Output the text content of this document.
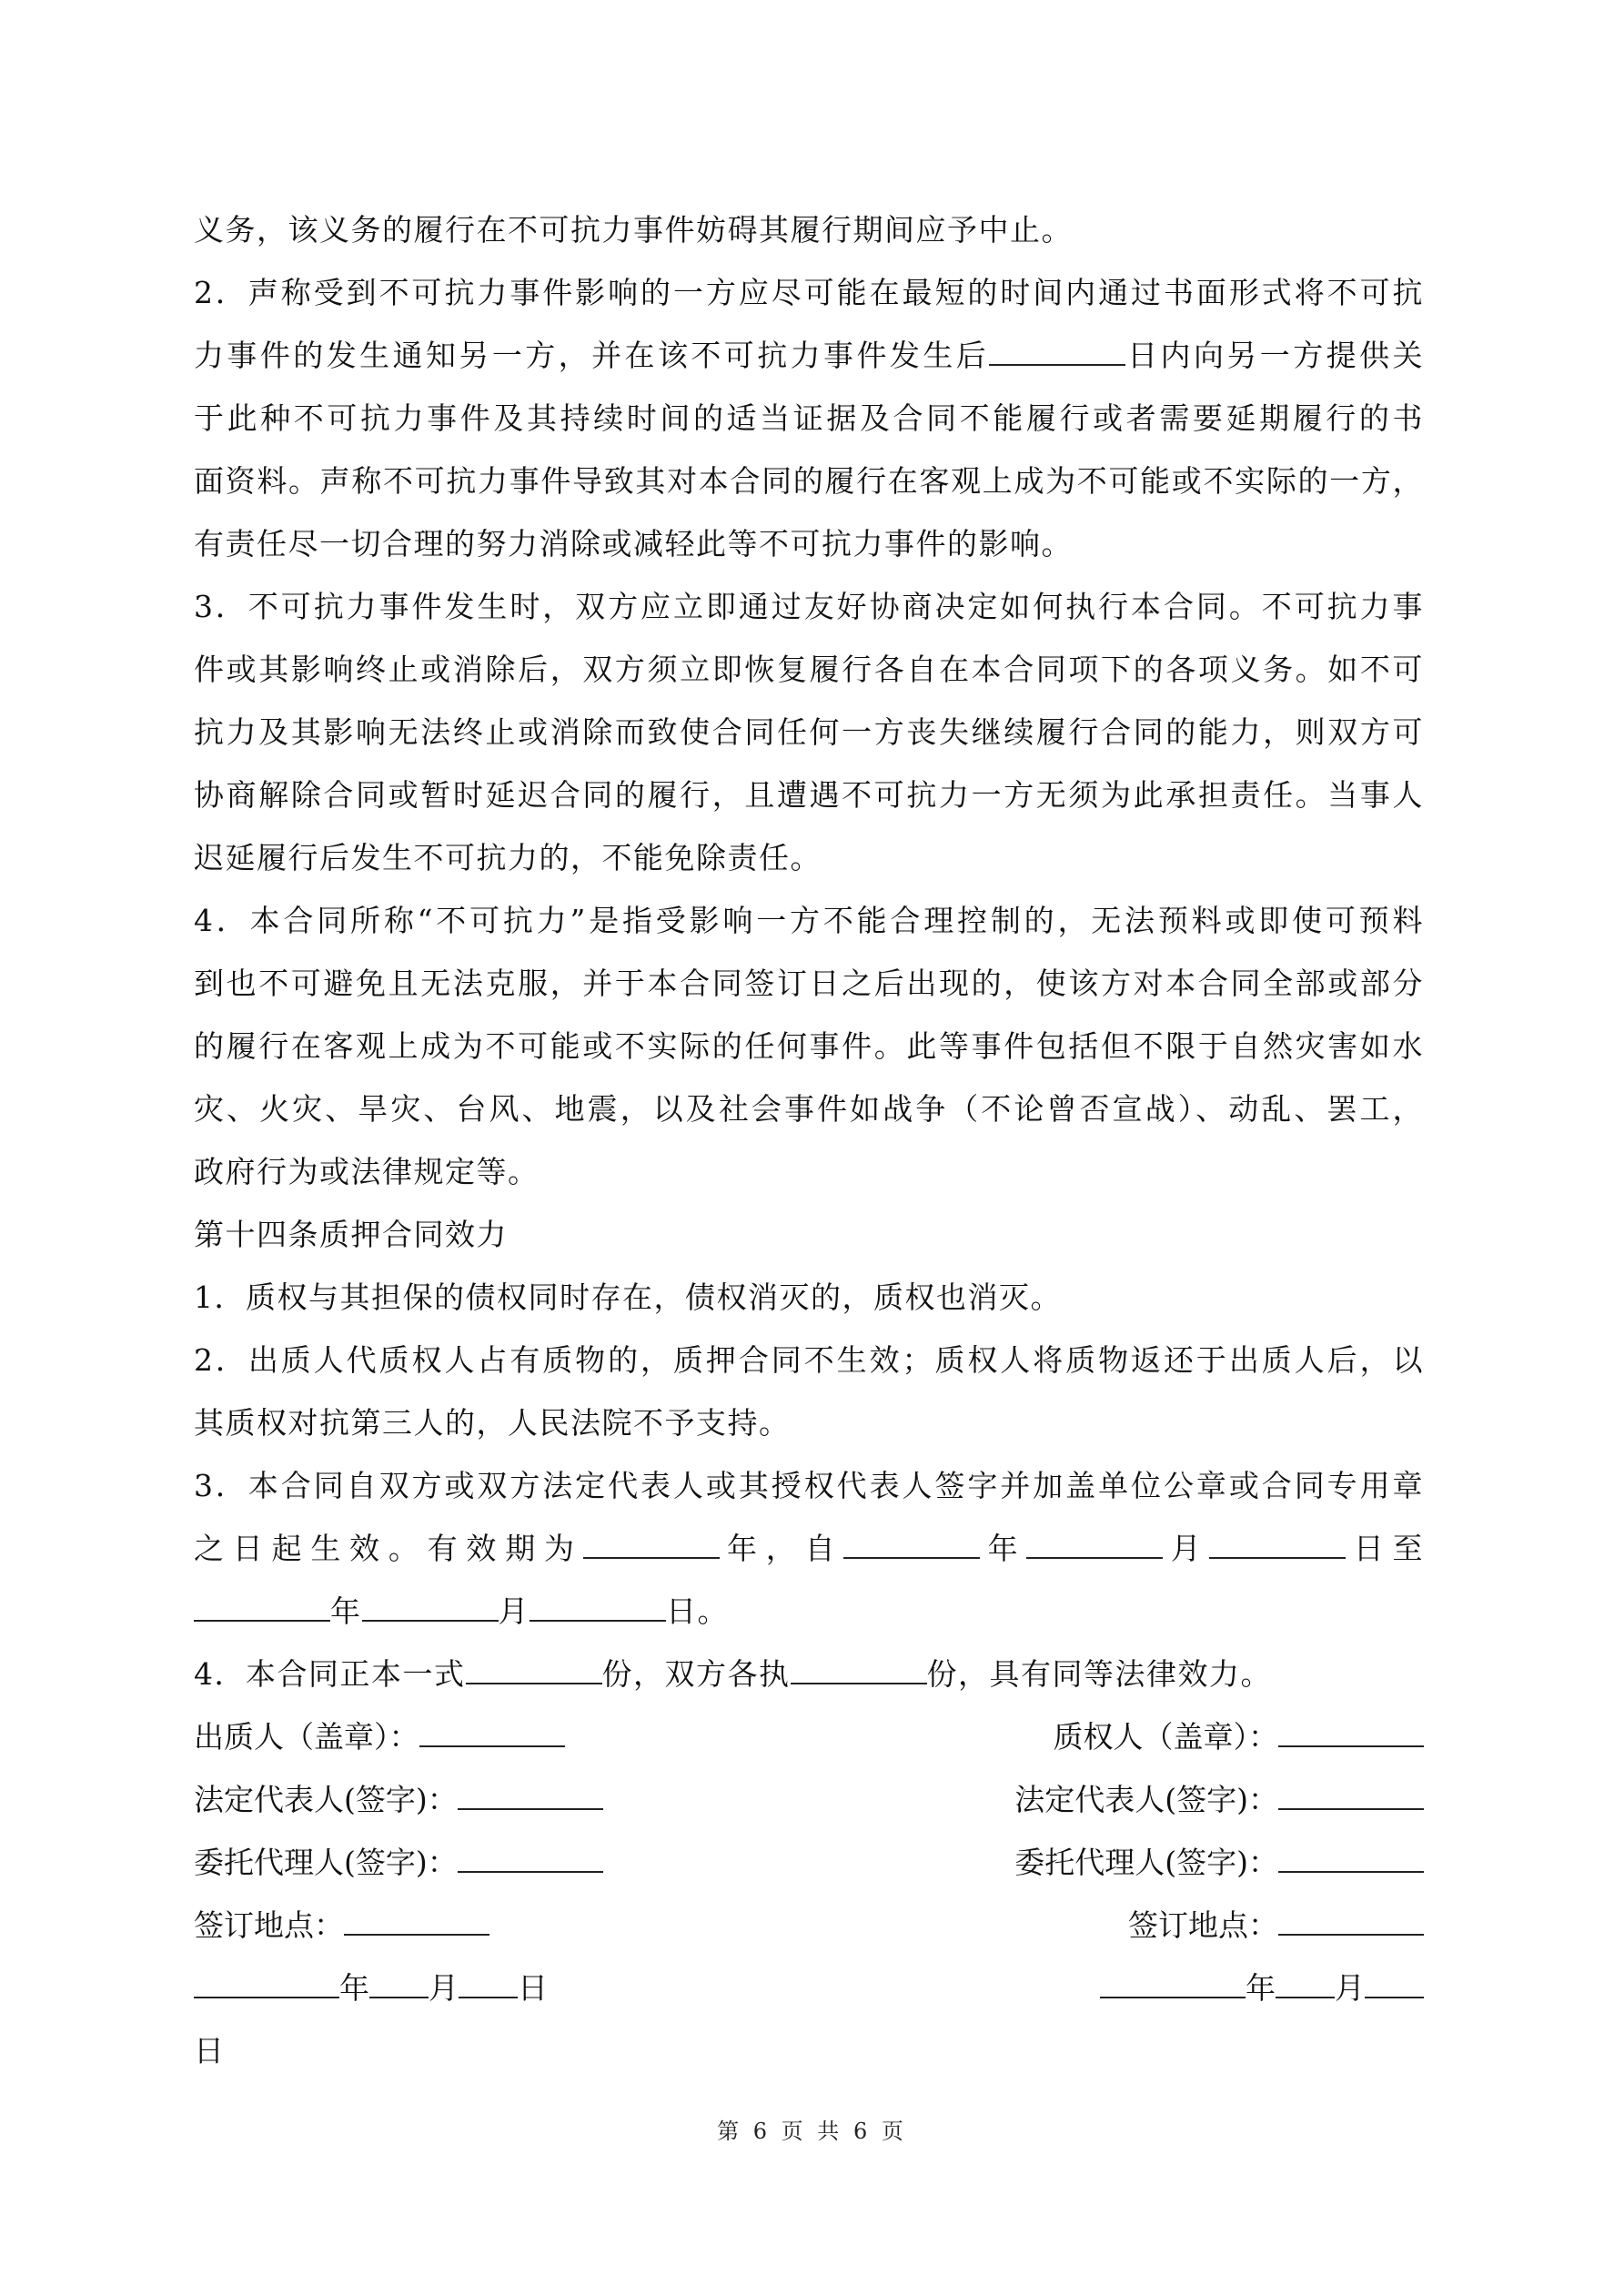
义务，该义务的履行在不可抗力事件妨碍其履行期间应予中止。
2．声称受到不可抗力事件影响的一方应尽可能在最短的时间内通过书面形式将不可抗
力事件的发生通知另一方，并在该不可抗力事件发生后	日内向另一方提供关
于此种不可抗力事件及其持续时间的适当证据及合同不能履行或者需要延期履行的书
面资料。声称不可抗力事件导致其对本合同的履行在客观上成为不可能或不实际的一方，
有责任尽一切合理的努力消除或减轻此等不可抗力事件的影响。
3．不可抗力事件发生时，双方应立即通过友好协商决定如何执行本合同。不可抗力事
件或其影响终止或消除后，双方须立即恢复履行各自在本合同项下的各项义务。如不可
抗力及其影响无法终止或消除而致使合同任何一方丧失继续履行合同的能力，则双方可
协商解除合同或暂时延迟合同的履行，且遭遇不可抗力一方无须为此承担责任。当事人
迟延履行后发生不可抗力的，不能免除责任。
4．本合同所称“不可抗力”是指受影响一方不能合理控制的，无法预料或即使可预料
到也不可避免且无法克服，并于本合同签订日之后出现的，使该方对本合同全部或部分
的履行在客观上成为不可能或不实际的任何事件。此等事件包括但不限于自然灾害如水
灾、火灾、旱灾、台风、地震，以及社会事件如战争（不论曾否宣战）、动乱、罢工，
政府行为或法律规定等。
第十四条质押合同效力
1．质权与其担保的债权同时存在，债权消灭的，质权也消灭。
2．出质人代质权人占有质物的，质押合同不生效；质权人将质物返还于出质人后，以
其质权对抗第三人的，人民法院不予支持。
3．本合同自双方或双方法定代表人或其授权代表人签字并加盖单位公章或合同专用章
之日起生效。有效期为	年，自	年	月	日至
年	月	日。
4．本合同正本一式	份，双方各执	份，具有同等法律效力。
出质人（盖章）：	质权人（盖章）：
法定代表人(签字)：	法定代表人(签字)：
委托代理人(签字)：	委托代理人(签字)：
签订地点：	签订地点：
年 月 日	年 月
日
第 6 页 共 6 页
